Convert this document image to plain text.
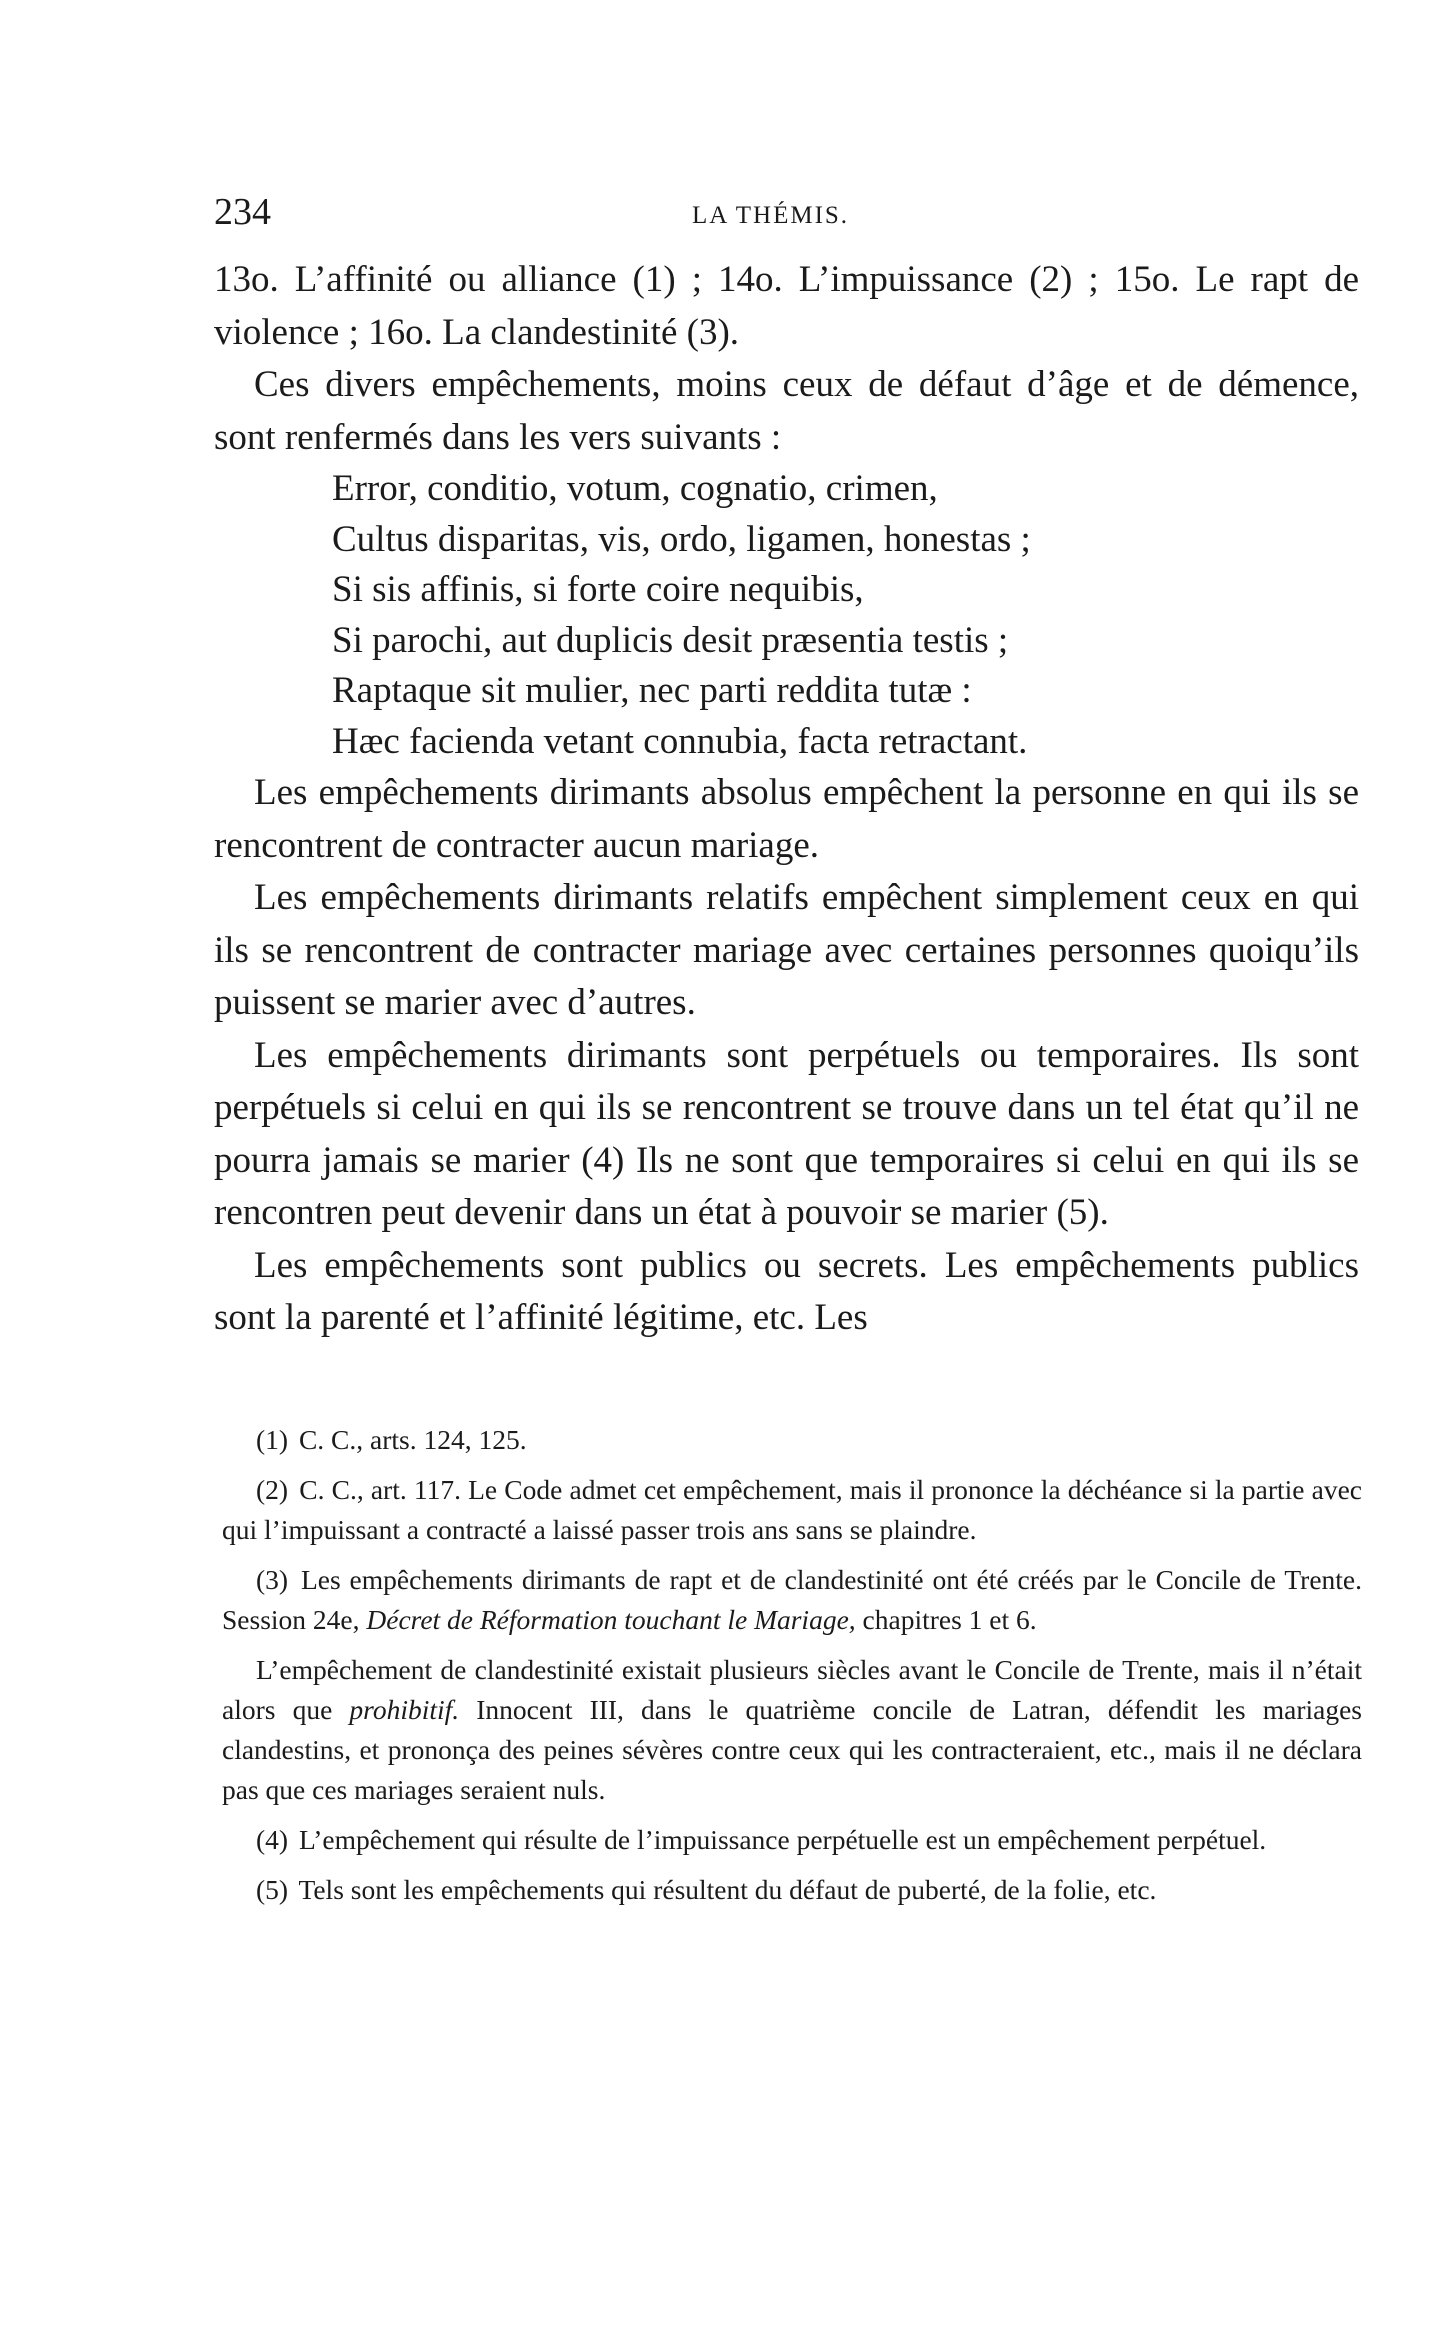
234	LA THÉMIS.

13o. L’affinité ou alliance (1) ; 14o. L’impuissance (2) ; 15o. Le rapt de violence ; 16o. La clandestinité (3).

Ces divers empêchements, moins ceux de défaut d’âge et de démence, sont renfermés dans les vers suivants :

Error, conditio, votum, cognatio, crimen,
Cultus disparitas, vis, ordo, ligamen, honestas ;
Si sis affinis, si forte coire nequibis,
Si parochi, aut duplicis desit præsentia testis ;
Raptaque sit mulier, nec parti reddita tutæ :
Hæc facienda vetant connubia, facta retractant.

Les empêchements dirimants absolus empêchent la personne en qui ils se rencontrent de contracter aucun mariage.

Les empêchements dirimants relatifs empêchent simplement ceux en qui ils se rencontrent de contracter mariage avec certaines personnes quoiqu’ils puissent se marier avec d’autres.

Les empêchements dirimants sont perpétuels ou temporaires. Ils sont perpétuels si celui en qui ils se rencontrent se trouve dans un tel état qu’il ne pourra jamais se marier (4) Ils ne sont que temporaires si celui en qui ils se rencontren peut devenir dans un état à pouvoir se marier (5).

Les empêchements sont publics ou secrets. Les empêchements publics sont la parenté et l’affinité légitime, etc. Les

(1) C. C., arts. 124, 125.

(2) C. C., art. 117. Le Code admet cet empêchement, mais il prononce la déchéance si la partie avec qui l’impuissant a contracté a laissé passer trois ans sans se plaindre.

(3) Les empêchements dirimants de rapt et de clandestinité ont été créés par le Concile de Trente. Session 24e, Décret de Réformation touchant le Mariage, chapitres 1 et 6.

L’empêchement de clandestinité existait plusieurs siècles avant le Concile de Trente, mais il n’était alors que prohibitif. Innocent III, dans le quatrième concile de Latran, défendit les mariages clandestins, et prononça des peines sévères contre ceux qui les contracteraient, etc., mais il ne déclara pas que ces mariages seraient nuls.

(4) L’empêchement qui résulte de l’impuissance perpétuelle est un empêchement perpétuel.

(5) Tels sont les empêchements qui résultent du défaut de puberté, de la folie, etc.
